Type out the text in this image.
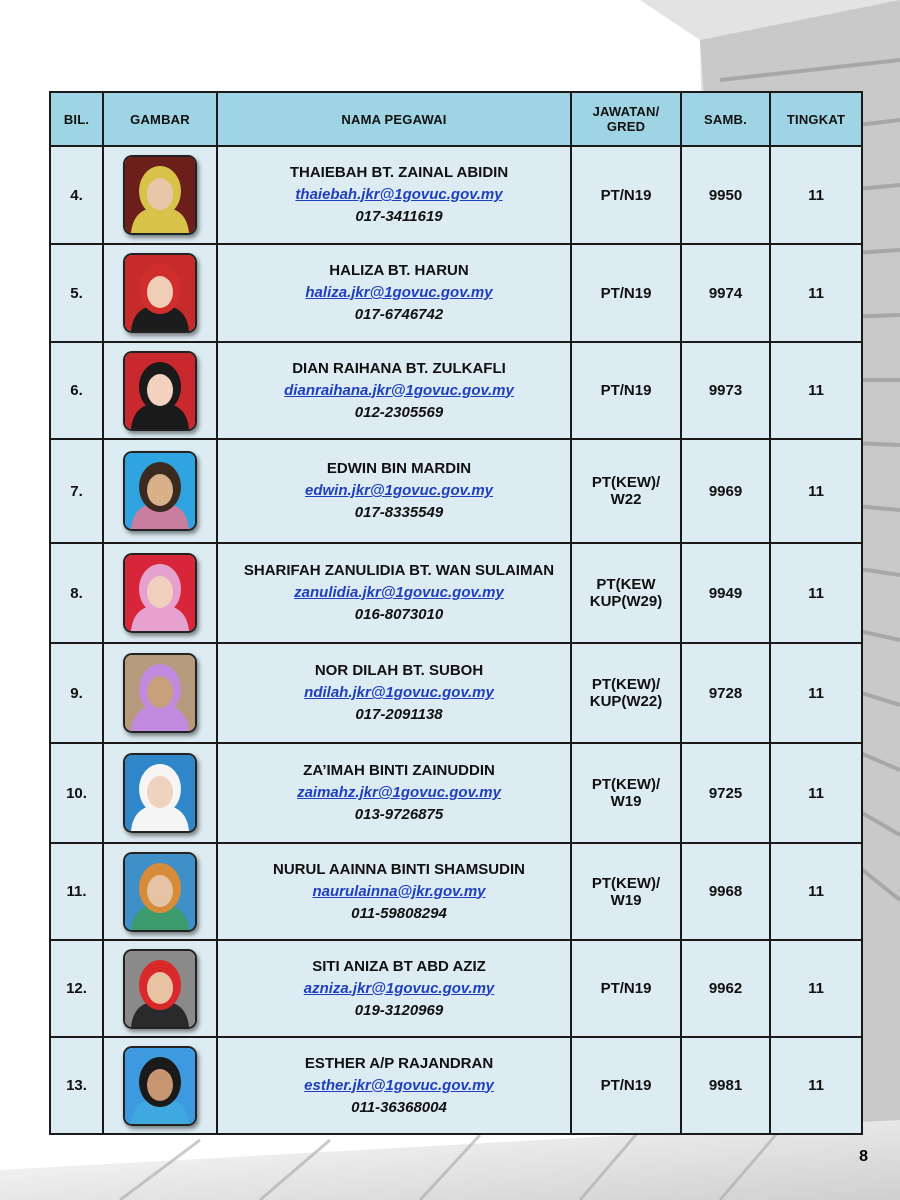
BIL.	GAMBAR	NAMA PEGAWAI	JAWATAN/
GRED	SAMB.	TINGKAT
4.		THAIEBAH BT. ZAINAL ABIDIN
thaiebah.jkr@1govuc.gov.my
017-3411619	PT/N19	9950	11
5.		HALIZA BT. HARUN
haliza.jkr@1govuc.gov.my
017-6746742	PT/N19	9974	11
6.		DIAN RAIHANA BT. ZULKAFLI
dianraihana.jkr@1govuc.gov.my
012-2305569	PT/N19	9973	11
7.		EDWIN BIN MARDIN
edwin.jkr@1govuc.gov.my
017-8335549	PT(KEW)/
W22	9969	11
8.		SHARIFAH ZANULIDIA BT. WAN SULAIMAN
zanulidia.jkr@1govuc.gov.my
016-8073010	PT(KEW
KUP(W29)	9949	11
9.		NOR DILAH BT. SUBOH
ndilah.jkr@1govuc.gov.my
017-2091138	PT(KEW)/
KUP(W22)	9728	11
10.		ZA’IMAH BINTI ZAINUDDIN
zaimahz.jkr@1govuc.gov.my
013-9726875	PT(KEW)/
W19	9725	11
11.		NURUL AAINNA BINTI SHAMSUDIN
naurulainna@jkr.gov.my
011-59808294	PT(KEW)/
W19	9968	11
12.		SITI ANIZA BT ABD AZIZ
azniza.jkr@1govuc.gov.my
019-3120969	PT/N19	9962	11
13.		ESTHER A/P RAJANDRAN
esther.jkr@1govuc.gov.my
011-36368004	PT/N19	9981	11
8
